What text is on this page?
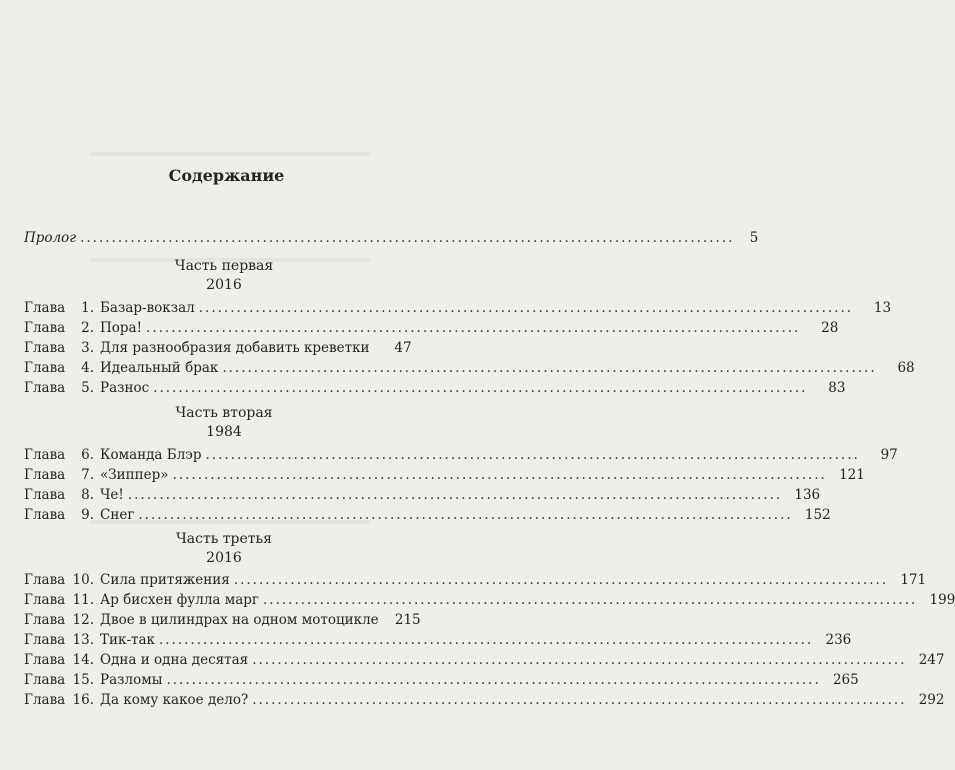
Содержание
Пролог ........................................................................................................	5
Часть первая
2016
Глава	1. Базар-вокзал ........................................................................................................	13
Глава	2. Пора! ........................................................................................................	28
Глава	3. Для разнообразия добавить креветки	47
Глава	4. Идеальный брак ........................................................................................................	68
Глава	5. Разнос ........................................................................................................	83
Часть вторая
1984
Глава	6. Команда Блэр ........................................................................................................	97
Глава	7. «Зиппер» ........................................................................................................ 121
Глава	8. Че! ........................................................................................................ 136
Глава	9. Снег ........................................................................................................ 152
Часть третья
2016
Глава 10. Сила притяжения ........................................................................................................ 171
Глава 11. Ар бисхен фулла марг ........................................................................................................ 199
Глава 12. Двое в цилиндрах на одном мотоцикле	215
Глава 13. Тик-так ........................................................................................................ 236
Глава 14. Одна и одна десятая ........................................................................................................ 247
Глава 15. Разломы ........................................................................................................ 265
Глава 16. Да кому какое дело? ........................................................................................................ 292
